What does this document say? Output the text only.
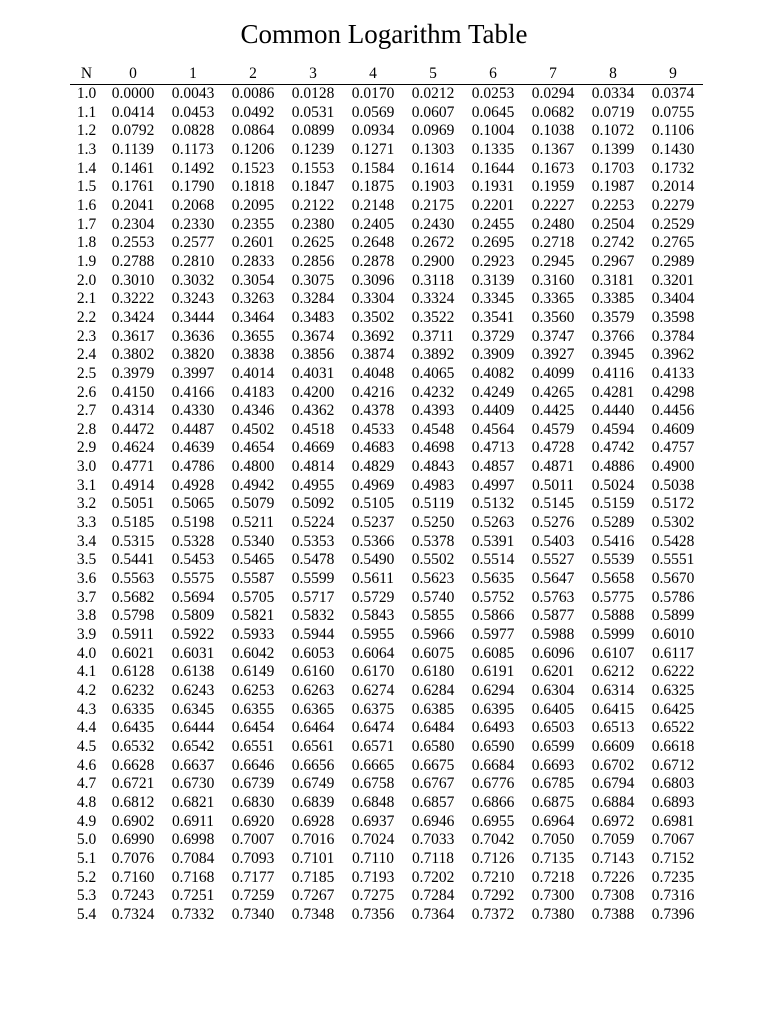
Common Logarithm Table
N	0	1	2	3	4	5	6	7	8	9
1.0	0.0000	0.0043	0.0086	0.0128	0.0170	0.0212	0.0253	0.0294	0.0334	0.0374
1.1	0.0414	0.0453	0.0492	0.0531	0.0569	0.0607	0.0645	0.0682	0.0719	0.0755
1.2	0.0792	0.0828	0.0864	0.0899	0.0934	0.0969	0.1004	0.1038	0.1072	0.1106
1.3	0.1139	0.1173	0.1206	0.1239	0.1271	0.1303	0.1335	0.1367	0.1399	0.1430
1.4	0.1461	0.1492	0.1523	0.1553	0.1584	0.1614	0.1644	0.1673	0.1703	0.1732
1.5	0.1761	0.1790	0.1818	0.1847	0.1875	0.1903	0.1931	0.1959	0.1987	0.2014
1.6	0.2041	0.2068	0.2095	0.2122	0.2148	0.2175	0.2201	0.2227	0.2253	0.2279
1.7	0.2304	0.2330	0.2355	0.2380	0.2405	0.2430	0.2455	0.2480	0.2504	0.2529
1.8	0.2553	0.2577	0.2601	0.2625	0.2648	0.2672	0.2695	0.2718	0.2742	0.2765
1.9	0.2788	0.2810	0.2833	0.2856	0.2878	0.2900	0.2923	0.2945	0.2967	0.2989
2.0	0.3010	0.3032	0.3054	0.3075	0.3096	0.3118	0.3139	0.3160	0.3181	0.3201
2.1	0.3222	0.3243	0.3263	0.3284	0.3304	0.3324	0.3345	0.3365	0.3385	0.3404
2.2	0.3424	0.3444	0.3464	0.3483	0.3502	0.3522	0.3541	0.3560	0.3579	0.3598
2.3	0.3617	0.3636	0.3655	0.3674	0.3692	0.3711	0.3729	0.3747	0.3766	0.3784
2.4	0.3802	0.3820	0.3838	0.3856	0.3874	0.3892	0.3909	0.3927	0.3945	0.3962
2.5	0.3979	0.3997	0.4014	0.4031	0.4048	0.4065	0.4082	0.4099	0.4116	0.4133
2.6	0.4150	0.4166	0.4183	0.4200	0.4216	0.4232	0.4249	0.4265	0.4281	0.4298
2.7	0.4314	0.4330	0.4346	0.4362	0.4378	0.4393	0.4409	0.4425	0.4440	0.4456
2.8	0.4472	0.4487	0.4502	0.4518	0.4533	0.4548	0.4564	0.4579	0.4594	0.4609
2.9	0.4624	0.4639	0.4654	0.4669	0.4683	0.4698	0.4713	0.4728	0.4742	0.4757
3.0	0.4771	0.4786	0.4800	0.4814	0.4829	0.4843	0.4857	0.4871	0.4886	0.4900
3.1	0.4914	0.4928	0.4942	0.4955	0.4969	0.4983	0.4997	0.5011	0.5024	0.5038
3.2	0.5051	0.5065	0.5079	0.5092	0.5105	0.5119	0.5132	0.5145	0.5159	0.5172
3.3	0.5185	0.5198	0.5211	0.5224	0.5237	0.5250	0.5263	0.5276	0.5289	0.5302
3.4	0.5315	0.5328	0.5340	0.5353	0.5366	0.5378	0.5391	0.5403	0.5416	0.5428
3.5	0.5441	0.5453	0.5465	0.5478	0.5490	0.5502	0.5514	0.5527	0.5539	0.5551
3.6	0.5563	0.5575	0.5587	0.5599	0.5611	0.5623	0.5635	0.5647	0.5658	0.5670
3.7	0.5682	0.5694	0.5705	0.5717	0.5729	0.5740	0.5752	0.5763	0.5775	0.5786
3.8	0.5798	0.5809	0.5821	0.5832	0.5843	0.5855	0.5866	0.5877	0.5888	0.5899
3.9	0.5911	0.5922	0.5933	0.5944	0.5955	0.5966	0.5977	0.5988	0.5999	0.6010
4.0	0.6021	0.6031	0.6042	0.6053	0.6064	0.6075	0.6085	0.6096	0.6107	0.6117
4.1	0.6128	0.6138	0.6149	0.6160	0.6170	0.6180	0.6191	0.6201	0.6212	0.6222
4.2	0.6232	0.6243	0.6253	0.6263	0.6274	0.6284	0.6294	0.6304	0.6314	0.6325
4.3	0.6335	0.6345	0.6355	0.6365	0.6375	0.6385	0.6395	0.6405	0.6415	0.6425
4.4	0.6435	0.6444	0.6454	0.6464	0.6474	0.6484	0.6493	0.6503	0.6513	0.6522
4.5	0.6532	0.6542	0.6551	0.6561	0.6571	0.6580	0.6590	0.6599	0.6609	0.6618
4.6	0.6628	0.6637	0.6646	0.6656	0.6665	0.6675	0.6684	0.6693	0.6702	0.6712
4.7	0.6721	0.6730	0.6739	0.6749	0.6758	0.6767	0.6776	0.6785	0.6794	0.6803
4.8	0.6812	0.6821	0.6830	0.6839	0.6848	0.6857	0.6866	0.6875	0.6884	0.6893
4.9	0.6902	0.6911	0.6920	0.6928	0.6937	0.6946	0.6955	0.6964	0.6972	0.6981
5.0	0.6990	0.6998	0.7007	0.7016	0.7024	0.7033	0.7042	0.7050	0.7059	0.7067
5.1	0.7076	0.7084	0.7093	0.7101	0.7110	0.7118	0.7126	0.7135	0.7143	0.7152
5.2	0.7160	0.7168	0.7177	0.7185	0.7193	0.7202	0.7210	0.7218	0.7226	0.7235
5.3	0.7243	0.7251	0.7259	0.7267	0.7275	0.7284	0.7292	0.7300	0.7308	0.7316
5.4	0.7324	0.7332	0.7340	0.7348	0.7356	0.7364	0.7372	0.7380	0.7388	0.7396
